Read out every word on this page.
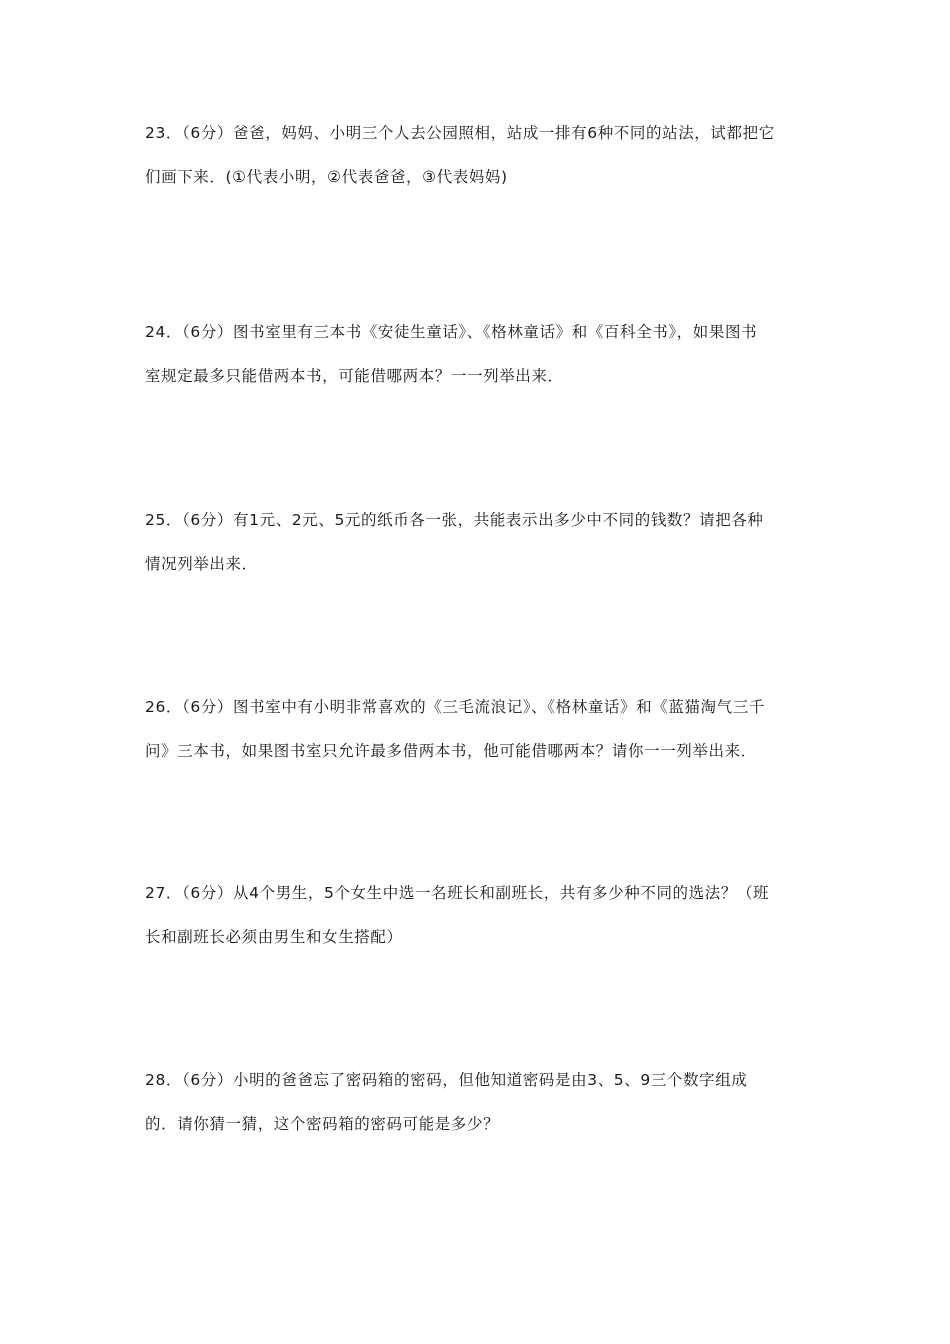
23．（6分）爸爸，妈妈、小明三个人去公园照相，站成一排有6种不同的站法，试都把它
们画下来．(①代表小明，②代表爸爸，③代表妈妈)
24．（6分）图书室里有三本书《安徒生童话》、《格林童话》和《百科全书》，如果图书
室规定最多只能借两本书，可能借哪两本？一一列举出来．
25．（6分）有1元、2元、5元的纸币各一张，共能表示出多少中不同的钱数？请把各种
情况列举出来．
26．（6分）图书室中有小明非常喜欢的《三毛流浪记》、《格林童话》和《蓝猫淘气三千
问》三本书，如果图书室只允许最多借两本书，他可能借哪两本？请你一一列举出来．
27．（6分）从4个男生，5个女生中选一名班长和副班长，共有多少种不同的选法？（班
长和副班长必须由男生和女生搭配）
28．（6分）小明的爸爸忘了密码箱的密码，但他知道密码是由3、5、9三个数字组成
的．请你猜一猜，这个密码箱的密码可能是多少？
